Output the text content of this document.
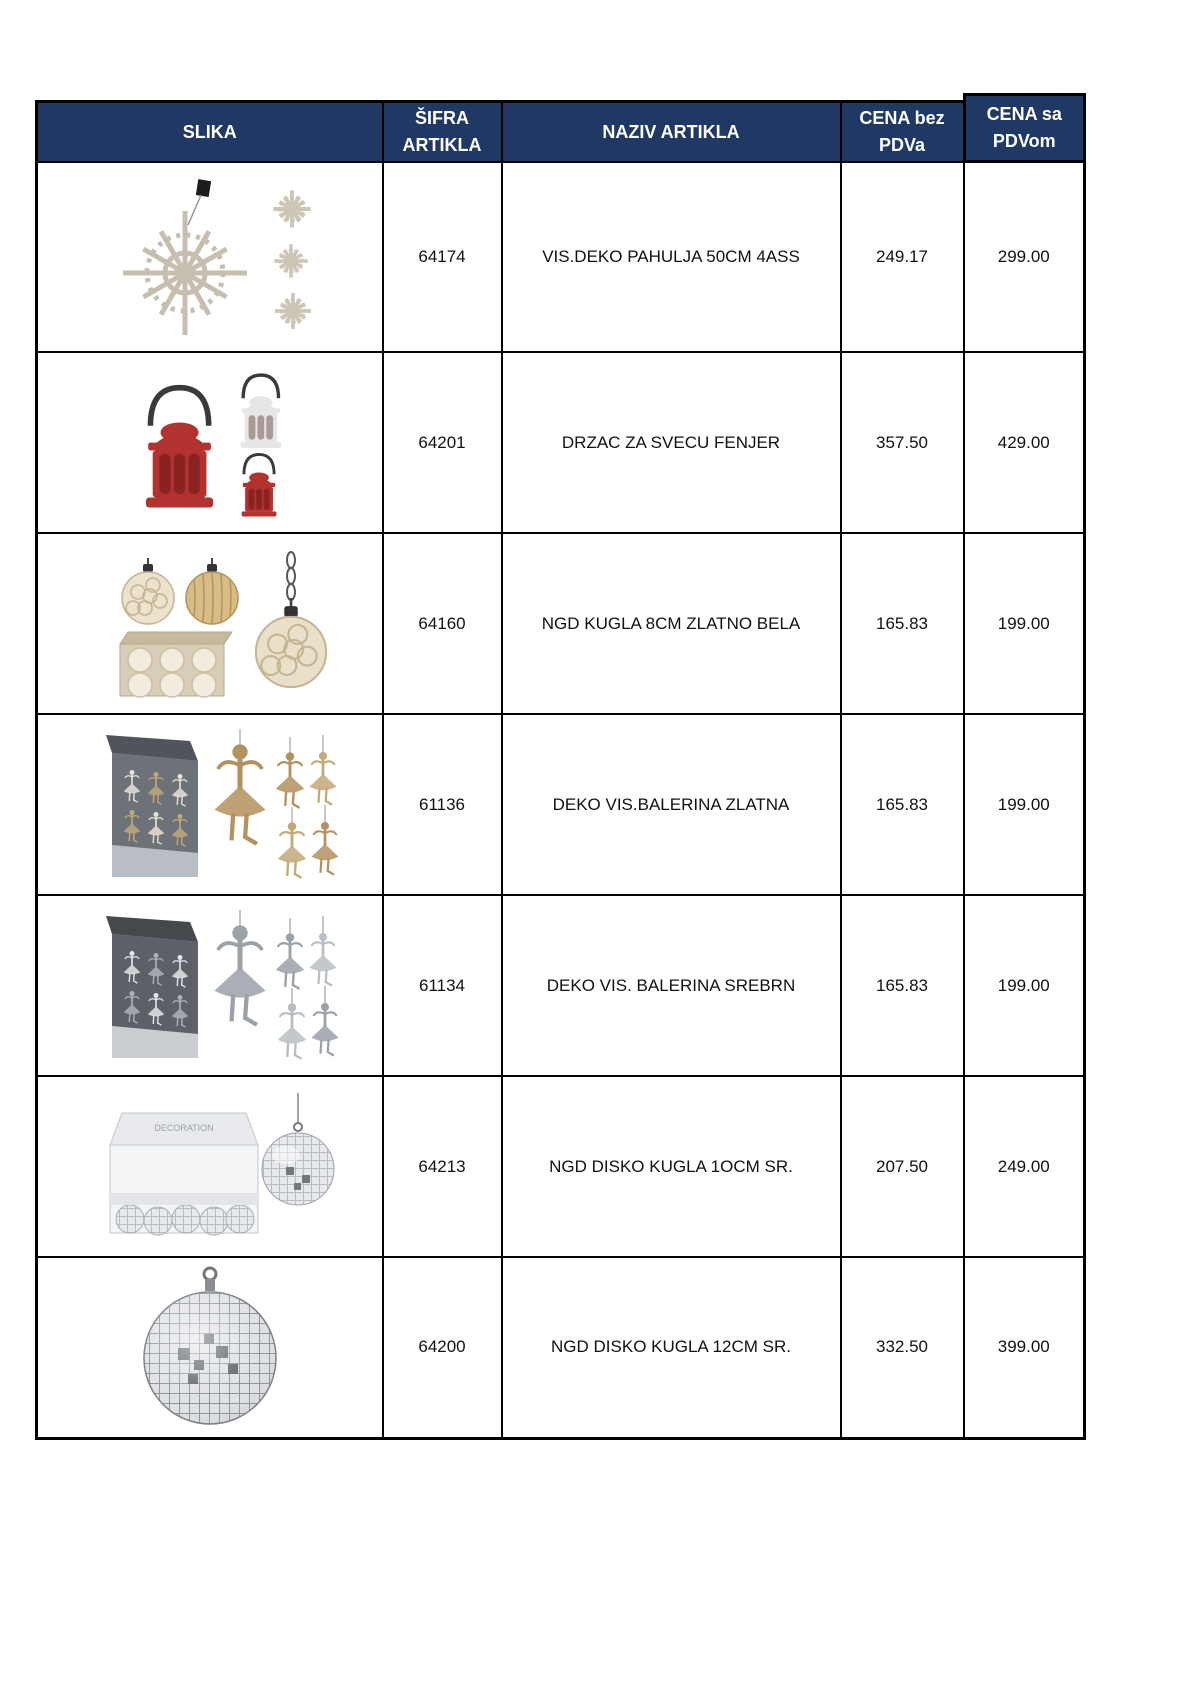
SLIKA	ŠIFRA ARTIKLA	NAZIV ARTIKLA	CENA bez PDVa	CENA sa PDVom

	64174	VIS.DEKO PAHULJA 50CM 4ASS	249.17	299.00

	64201	DRZAC ZA SVECU FENJER	357.50	429.00

	64160	NGD KUGLA 8CM ZLATNO BELA	165.83	199.00

	61136	DEKO VIS.BALERINA ZLATNA	165.83	199.00

	61134	DEKO VIS. BALERINA SREBRN	165.83	199.00

DECORATION	64213	NGD DISKO KUGLA 1OCM SR.	207.50	249.00

	64200	NGD DISKO KUGLA 12CM SR.	332.50	399.00
